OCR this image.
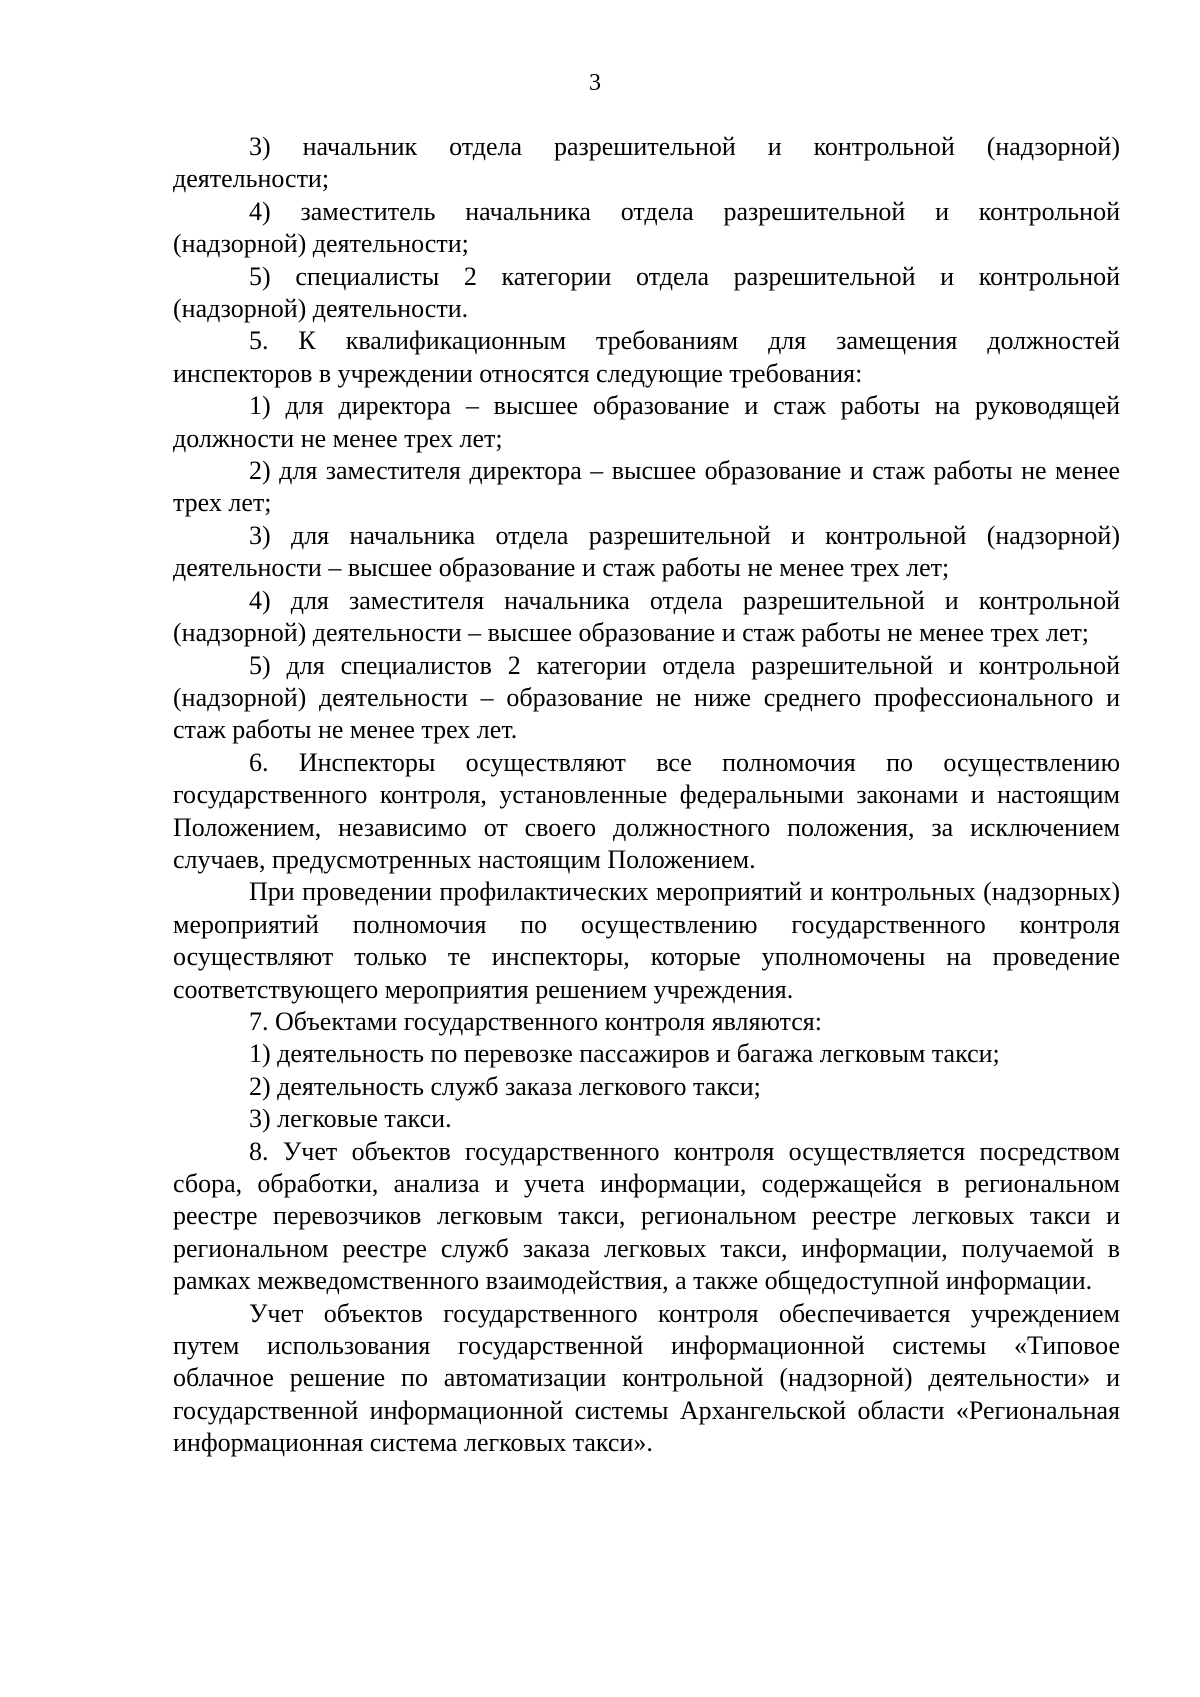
3

3) начальник отдела разрешительной и контрольной (надзорной) деятельности;

4) заместитель начальника отдела разрешительной и контрольной (надзорной) деятельности;

5) специалисты 2 категории отдела разрешительной и контрольной (надзорной) деятельности.

5. К квалификационным требованиям для замещения должностей инспекторов в учреждении относятся следующие требования:

1) для директора – высшее образование и стаж работы на руководящей должности не менее трех лет;

2) для заместителя директора – высшее образование и стаж работы не менее трех лет;

3) для начальника отдела разрешительной и контрольной (надзорной) деятельности – высшее образование и стаж работы не менее трех лет;

4) для заместителя начальника отдела разрешительной и контрольной (надзорной) деятельности – высшее образование и стаж работы не менее трех лет;

5) для специалистов 2 категории отдела разрешительной и контрольной (надзорной) деятельности – образование не ниже среднего профессионального и стаж работы не менее трех лет.

6. Инспекторы осуществляют все полномочия по осуществлению государственного контроля, установленные федеральными законами и настоящим Положением, независимо от своего должностного положения, за исключением случаев, предусмотренных настоящим Положением.

При проведении профилактических мероприятий и контрольных (надзорных) мероприятий полномочия по осуществлению государственного контроля осуществляют только те инспекторы, которые уполномочены на проведение соответствующего мероприятия решением учреждения.

7. Объектами государственного контроля являются:

1) деятельность по перевозке пассажиров и багажа легковым такси;

2) деятельность служб заказа легкового такси;

3) легковые такси.

8. Учет объектов государственного контроля осуществляется посредством сбора, обработки, анализа и учета информации, содержащейся в региональном реестре перевозчиков легковым такси, региональном реестре легковых такси и региональном реестре служб заказа легковых такси, информации, получаемой в рамках межведомственного взаимодействия, а также общедоступной информации.

Учет объектов государственного контроля обеспечивается учреждением путем использования государственной информационной системы «Типовое облачное решение по автоматизации контрольной (надзорной) деятельности» и государственной информационной системы Архангельской области «Региональная информационная система легковых такси».
